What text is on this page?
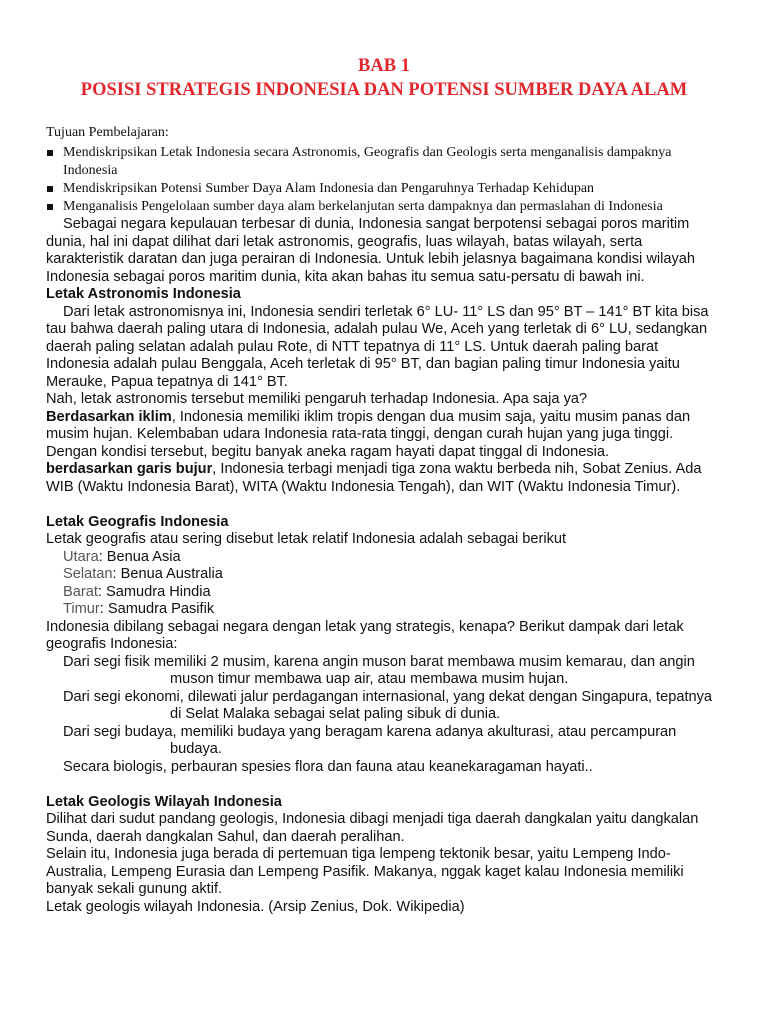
BAB 1
POSISI STRATEGIS INDONESIA DAN POTENSI SUMBER DAYA ALAM
Tujuan Pembelajaran:
Mendiskripsikan Letak Indonesia secara Astronomis, Geografis dan Geologis serta menganalisis dampaknya Indonesia
Mendiskripsikan Potensi Sumber Daya Alam Indonesia dan Pengaruhnya Terhadap Kehidupan
Menganalisis Pengelolaan sumber daya alam berkelanjutan serta dampaknya dan permaslahan di Indonesia

Sebagai negara kepulauan terbesar di dunia, Indonesia sangat berpotensi sebagai poros maritim dunia, hal ini dapat dilihat dari letak astronomis, geografis, luas wilayah, batas wilayah, serta karakteristik daratan dan juga perairan di Indonesia. Untuk lebih jelasnya bagaimana kondisi wilayah Indonesia sebagai poros maritim dunia, kita akan bahas itu semua satu-persatu di bawah ini.

Letak Astronomis Indonesia

Dari letak astronomisnya ini, Indonesia sendiri terletak 6° LU- 11° LS dan 95° BT – 141° BT kita bisa tau bahwa daerah paling utara di Indonesia, adalah pulau We, Aceh yang terletak di 6° LU, sedangkan daerah paling selatan adalah pulau Rote, di NTT tepatnya di 11° LS. Untuk daerah paling barat Indonesia adalah pulau Benggala, Aceh terletak di 95° BT, dan bagian paling timur Indonesia yaitu Merauke, Papua tepatnya di 141° BT.

Nah, letak astronomis tersebut memiliki pengaruh terhadap Indonesia. Apa saja ya?

Berdasarkan iklim, Indonesia memiliki iklim tropis dengan dua musim saja, yaitu musim panas dan musim hujan. Kelembaban udara Indonesia rata-rata tinggi, dengan curah hujan yang juga tinggi. Dengan kondisi tersebut, begitu banyak aneka ragam hayati dapat tinggal di Indonesia.

berdasarkan garis bujur, Indonesia terbagi menjadi tiga zona waktu berbeda nih, Sobat Zenius. Ada WIB (Waktu Indonesia Barat), WITA (Waktu Indonesia Tengah), dan WIT (Waktu Indonesia Timur).

Letak Geografis Indonesia

Letak geografis atau sering disebut letak relatif Indonesia adalah sebagai berikut

Utara: Benua Asia
Selatan: Benua Australia
Barat: Samudra Hindia
Timur: Samudra Pasifik

Indonesia dibilang sebagai negara dengan letak yang strategis, kenapa? Berikut dampak dari letak geografis Indonesia:

Dari segi fisik memiliki 2 musim, karena angin muson barat membawa musim kemarau, dan angin muson timur membawa uap air, atau membawa musim hujan.

Dari segi ekonomi, dilewati jalur perdagangan internasional, yang dekat dengan Singapura, tepatnya di Selat Malaka sebagai selat paling sibuk di dunia.

Dari segi budaya, memiliki budaya yang beragam karena adanya akulturasi, atau percampuran budaya.

Secara biologis, perbauran spesies flora dan fauna atau keanekaragaman hayati..

Letak Geologis Wilayah Indonesia

Dilihat dari sudut pandang geologis, Indonesia dibagi menjadi tiga daerah dangkalan yaitu dangkalan Sunda, daerah dangkalan Sahul, dan daerah peralihan.

Selain itu, Indonesia juga berada di pertemuan tiga lempeng tektonik besar, yaitu Lempeng Indo-Australia, Lempeng Eurasia dan Lempeng Pasifik. Makanya, nggak kaget kalau Indonesia memiliki banyak sekali gunung aktif.

Letak geologis wilayah Indonesia. (Arsip Zenius, Dok. Wikipedia)
